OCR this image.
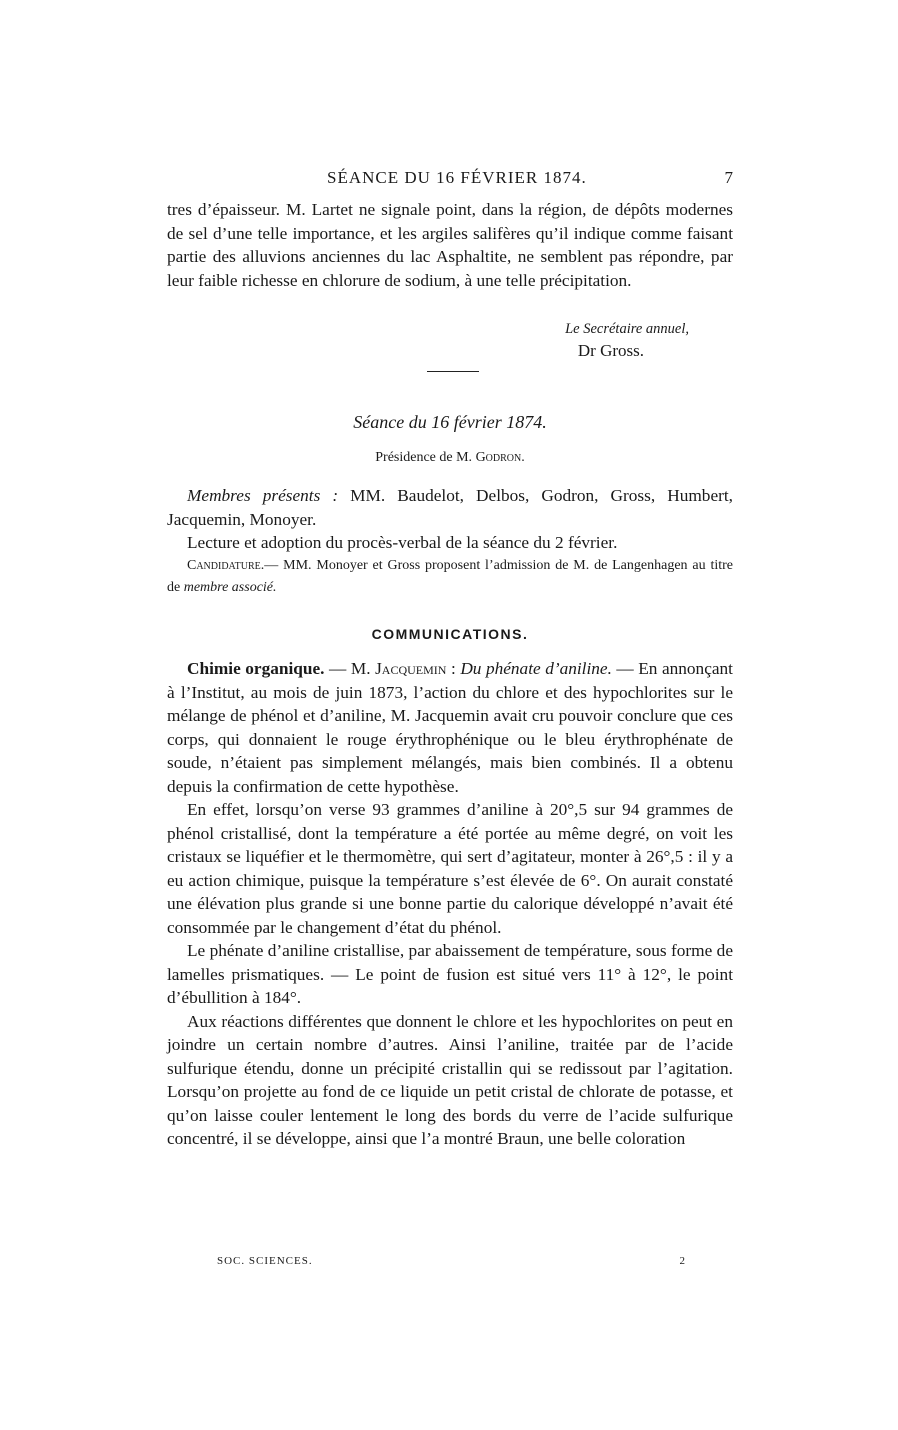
SÉANCE DU 16 FÉVRIER 1874.	7

tres d’épaisseur. M. Lartet ne signale point, dans la région, de dépôts modernes de sel d’une telle importance, et les argiles salifères qu’il indique comme faisant partie des alluvions anciennes du lac Asphaltite, ne semblent pas répondre, par leur faible richesse en chlorure de sodium, à une telle précipitation.

Le Secrétaire annuel,
Dr Gross.
Séance du 16 février 1874.
Présidence de M. Godron.

Membres présents : MM. Baudelot, Delbos, Godron, Gross, Humbert, Jacquemin, Monoyer.

Lecture et adoption du procès-verbal de la séance du 2 février.

Candidature.— MM. Monoyer et Gross proposent l’admission de M. de Langenhagen au titre de membre associé.

COMMUNICATIONS.

Chimie organique. — M. Jacquemin : Du phénate d’aniline. — En annonçant à l’Institut, au mois de juin 1873, l’action du chlore et des hypochlorites sur le mélange de phénol et d’aniline, M. Jacquemin avait cru pouvoir conclure que ces corps, qui donnaient le rouge érythrophénique ou le bleu érythrophénate de soude, n’étaient pas simplement mélangés, mais bien combinés. Il a obtenu depuis la confirmation de cette hypothèse.

En effet, lorsqu’on verse 93 grammes d’aniline à 20°,5 sur 94 grammes de phénol cristallisé, dont la température a été portée au même degré, on voit les cristaux se liquéfier et le thermomètre, qui sert d’agitateur, monter à 26°,5 : il y a eu action chimique, puisque la température s’est élevée de 6°. On aurait constaté une élévation plus grande si une bonne partie du calorique développé n’avait été consommée par le changement d’état du phénol.

Le phénate d’aniline cristallise, par abaissement de température, sous forme de lamelles prismatiques. — Le point de fusion est situé vers 11° à 12°, le point d’ébullition à 184°.

Aux réactions différentes que donnent le chlore et les hypochlorites on peut en joindre un certain nombre d’autres. Ainsi l’aniline, traitée par de l’acide sulfurique étendu, donne un précipité cristallin qui se redissout par l’agitation. Lorsqu’on projette au fond de ce liquide un petit cristal de chlorate de potasse, et qu’on laisse couler lentement le long des bords du verre de l’acide sulfurique concentré, il se développe, ainsi que l’a montré Braun, une belle coloration

SOC. SCIENCES.	2
